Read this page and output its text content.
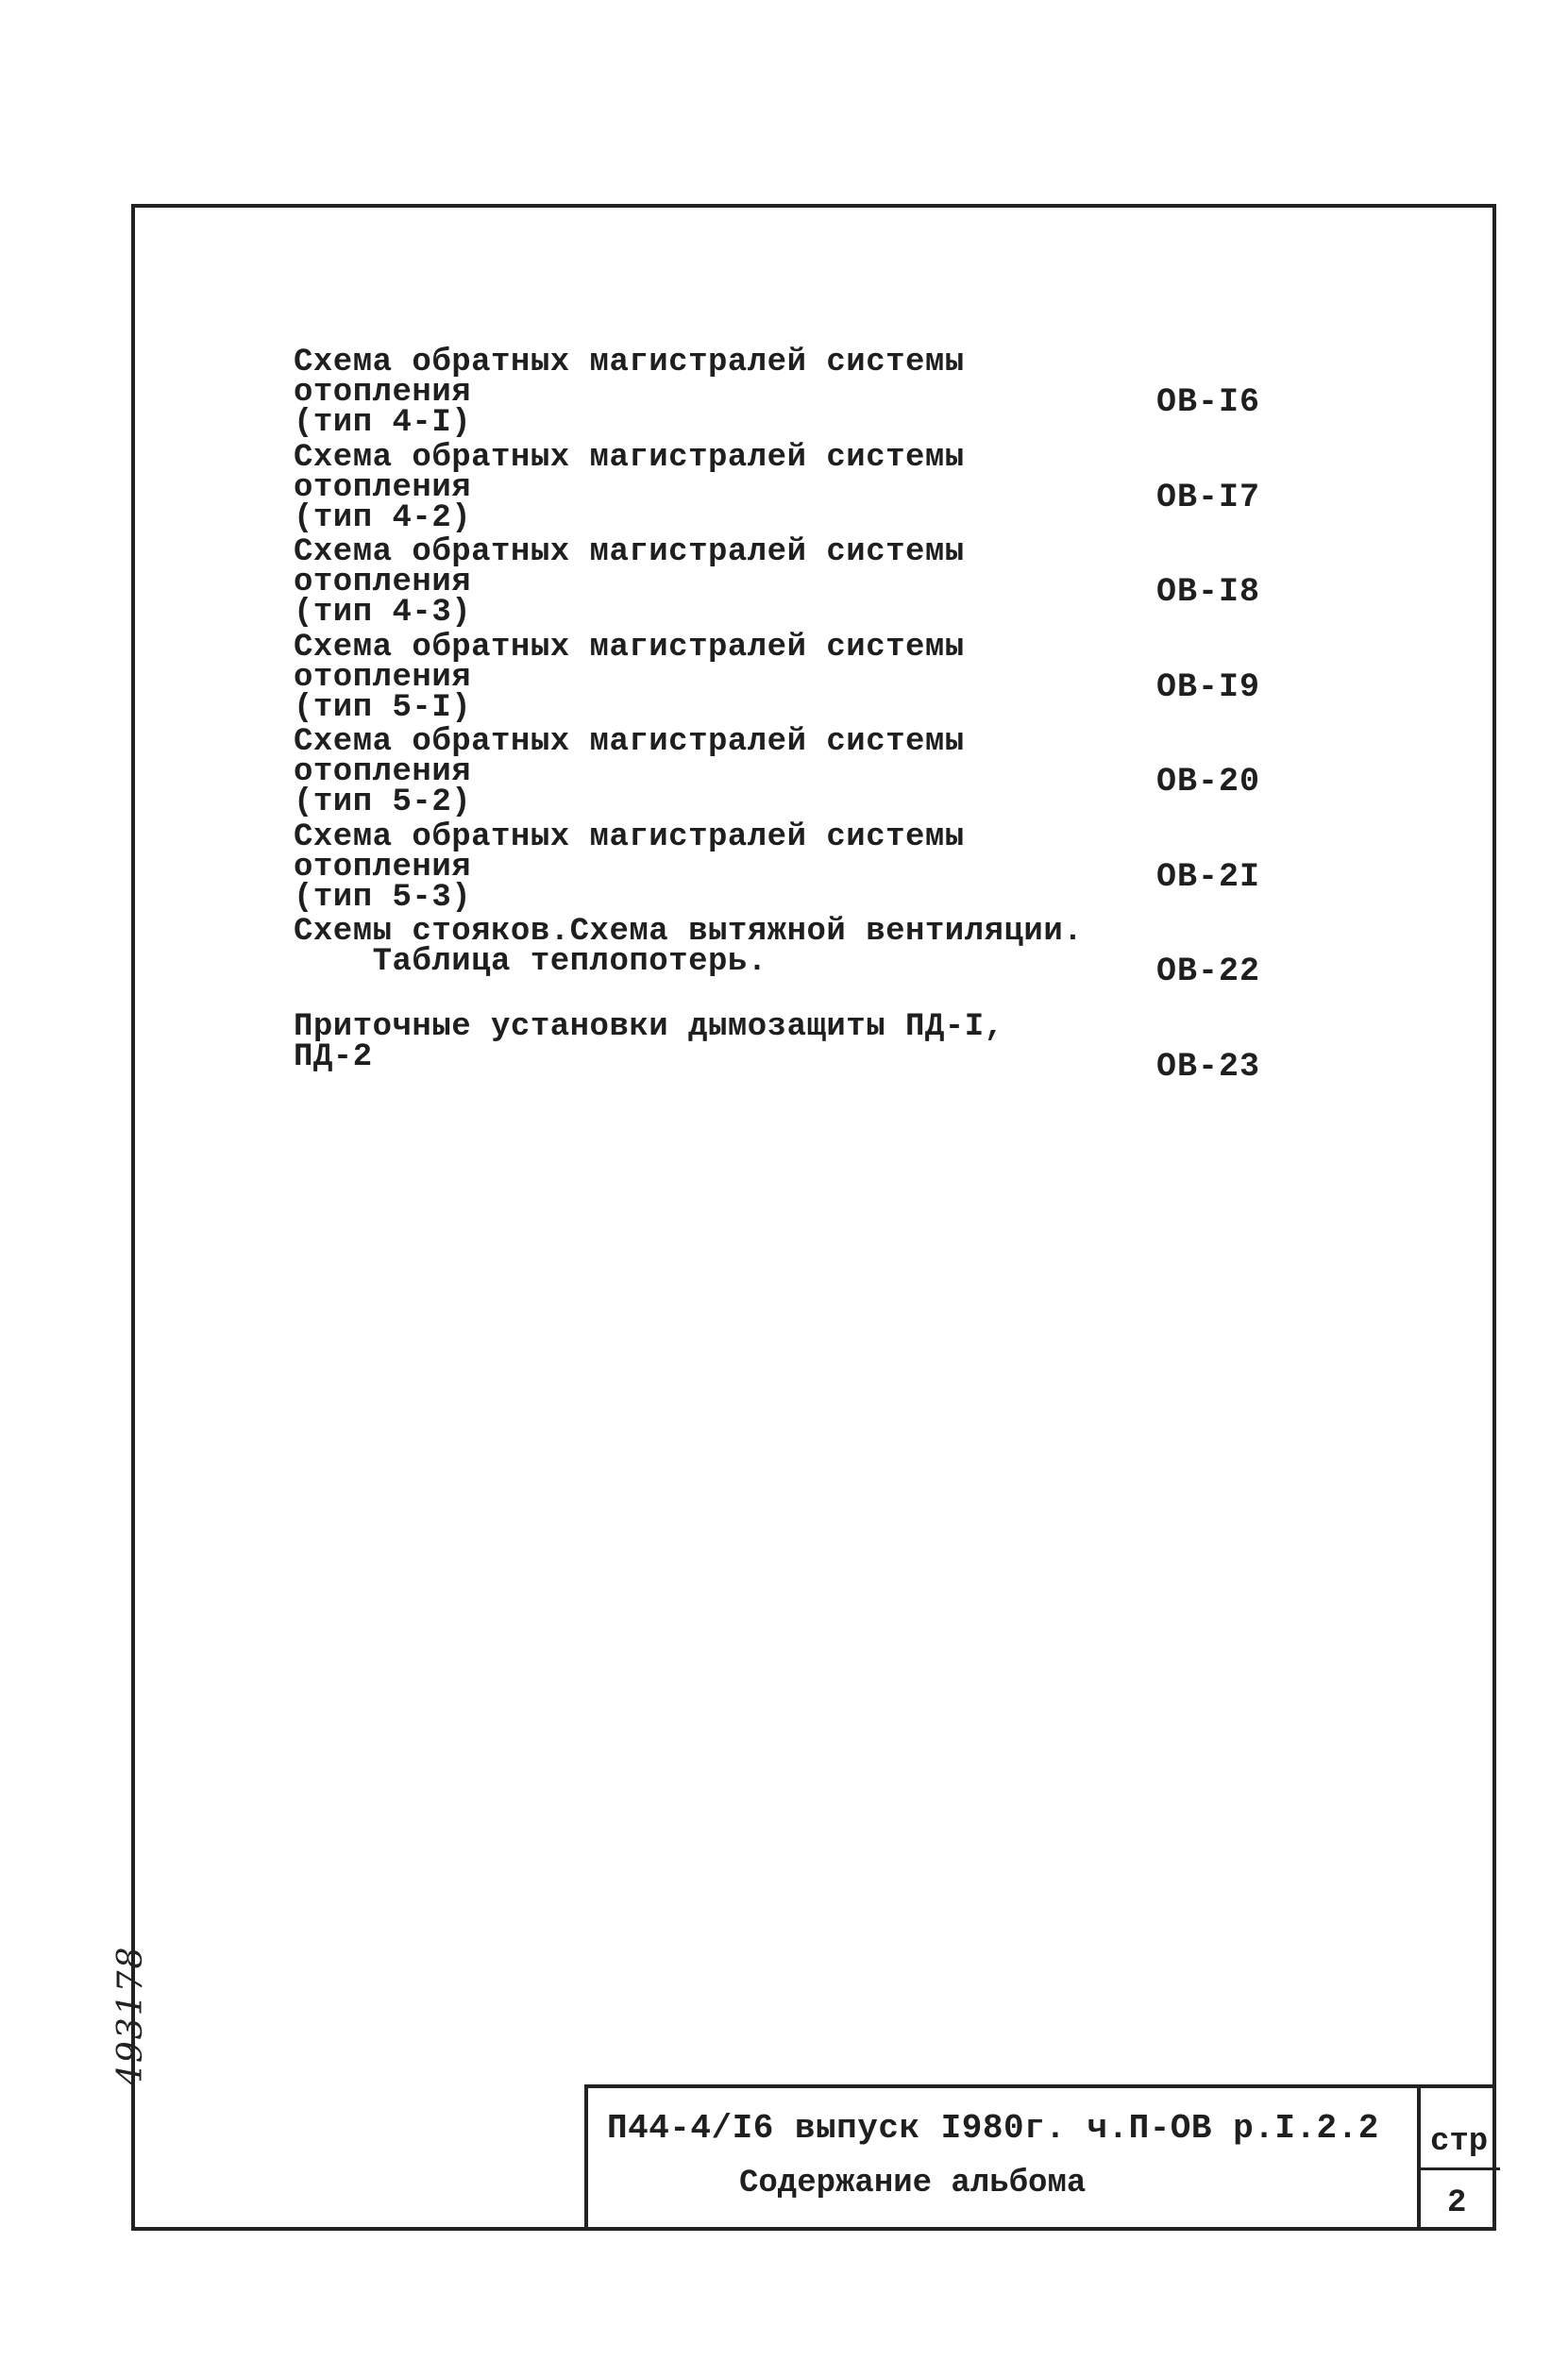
Схема обратных магистралей системы отопления
(тип 4-I)
ОВ-I6
Схема обратных магистралей системы отопления
(тип 4-2)
ОВ-I7
Схема обратных магистралей системы отопления
(тип 4-3)
ОВ-I8
Схема обратных магистралей системы отопления
(тип 5-I)
ОВ-I9
Схема обратных магистралей системы отопления
(тип 5-2)
ОВ-20
Схема обратных магистралей системы отопления
(тип 5-3)
ОВ-2I
Схемы стояков.Схема вытяжной вентиляции.
Таблица теплопотерь.	ОВ-22
Приточные установки дымозащиты ПД-I,
ПД-2	ОВ-23
493178
П44-4/I6 выпуск I980г. ч.П-ОВ р.I.2.2
Содержание альбома
стр
2
